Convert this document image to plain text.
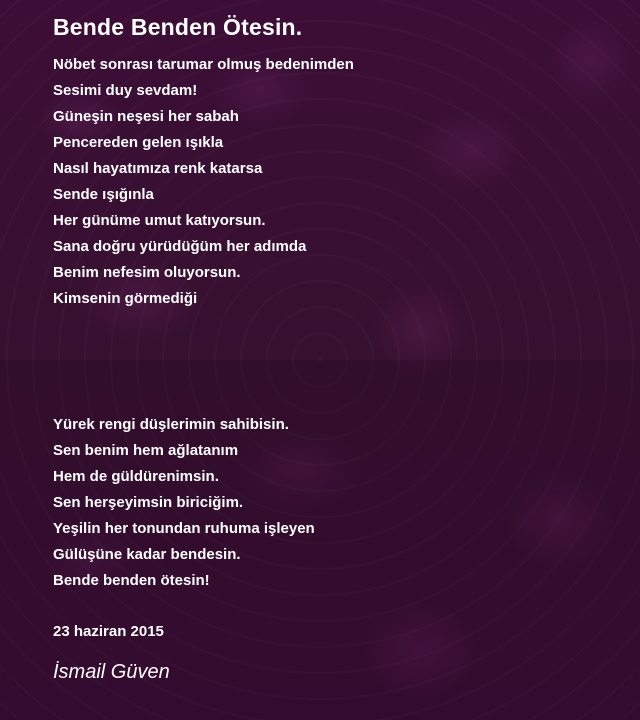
Bende Benden Ötesin.
Nöbet sonrası tarumar olmuş bedenimden
Sesimi duy sevdam!
Güneşin neşesi her sabah
Pencereden gelen ışıkla
Nasıl hayatımıza renk katarsa
Sende ışığınla
Her günüme umut katıyorsun.
Sana doğru yürüdüğüm her adımda
Benim nefesim oluyorsun.
Kimsenin görmediği
Yürek rengi düşlerimin sahibisin.
Sen benim hem ağlatanım
Hem de güldürenimsin.
Sen herşeyimsin biriciğim.
Yeşilin her tonundan ruhuma işleyen
Gülüşüne kadar bendesin.
Bende benden ötesin!
23 haziran 2015
İsmail Güven
